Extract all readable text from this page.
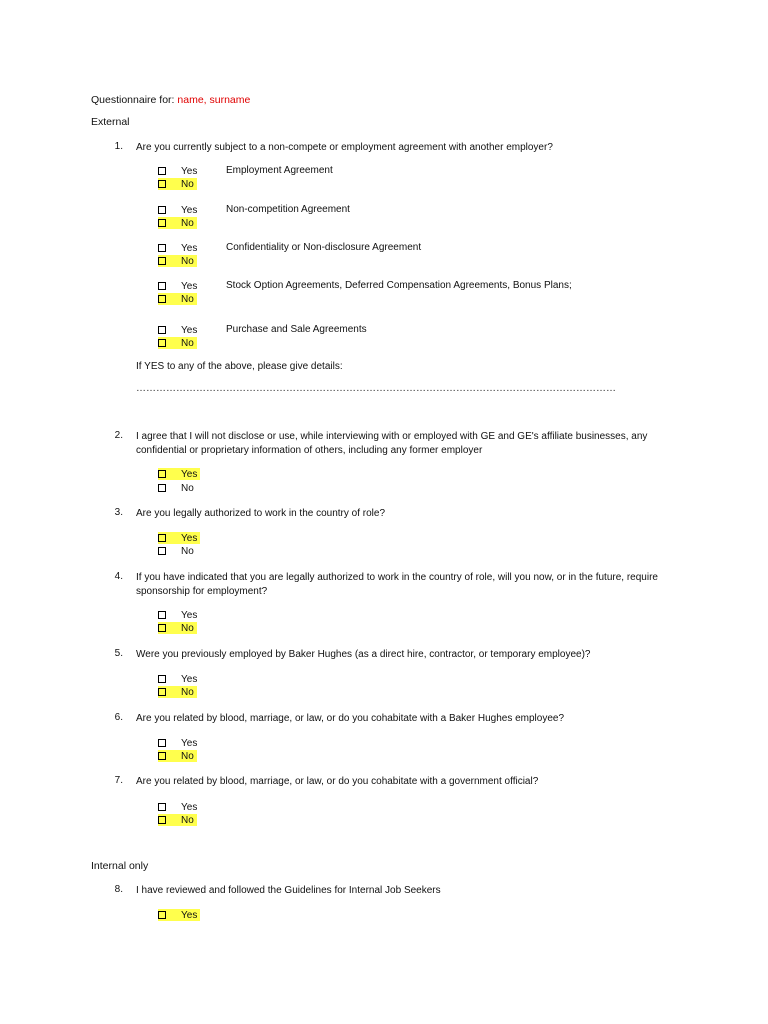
Questionnaire for: name, surname
External
1. Are you currently subject to a non-compete or employment agreement with another employer?
Yes	Employment Agreement
No
Yes	Non-competition Agreement
No
Yes	Confidentiality or Non-disclosure Agreement
No
Yes	Stock Option Agreements, Deferred Compensation Agreements, Bonus Plans;
No
Yes	Purchase and Sale Agreements
No
If YES to any of the above, please give details:
………………………………………………………………………………………………………………………………
2. I agree that I will not disclose or use, while interviewing with or employed with GE and GE's affiliate businesses, any confidential or proprietary information of others, including any former employer
Yes
No
3. Are you legally authorized to work in the country of role?
Yes
No
4. If you have indicated that you are legally authorized to work in the country of role, will you now, or in the future, require sponsorship for employment?
Yes
No
5. Were you previously employed by Baker Hughes (as a direct hire, contractor, or temporary employee)?
Yes
No
6. Are you related by blood, marriage, or law, or do you cohabitate with a Baker Hughes employee?
Yes
No
7. Are you related by blood, marriage, or law, or do you cohabitate with a government official?
Yes
No
Internal only
8. I have reviewed and followed the Guidelines for Internal Job Seekers
Yes
